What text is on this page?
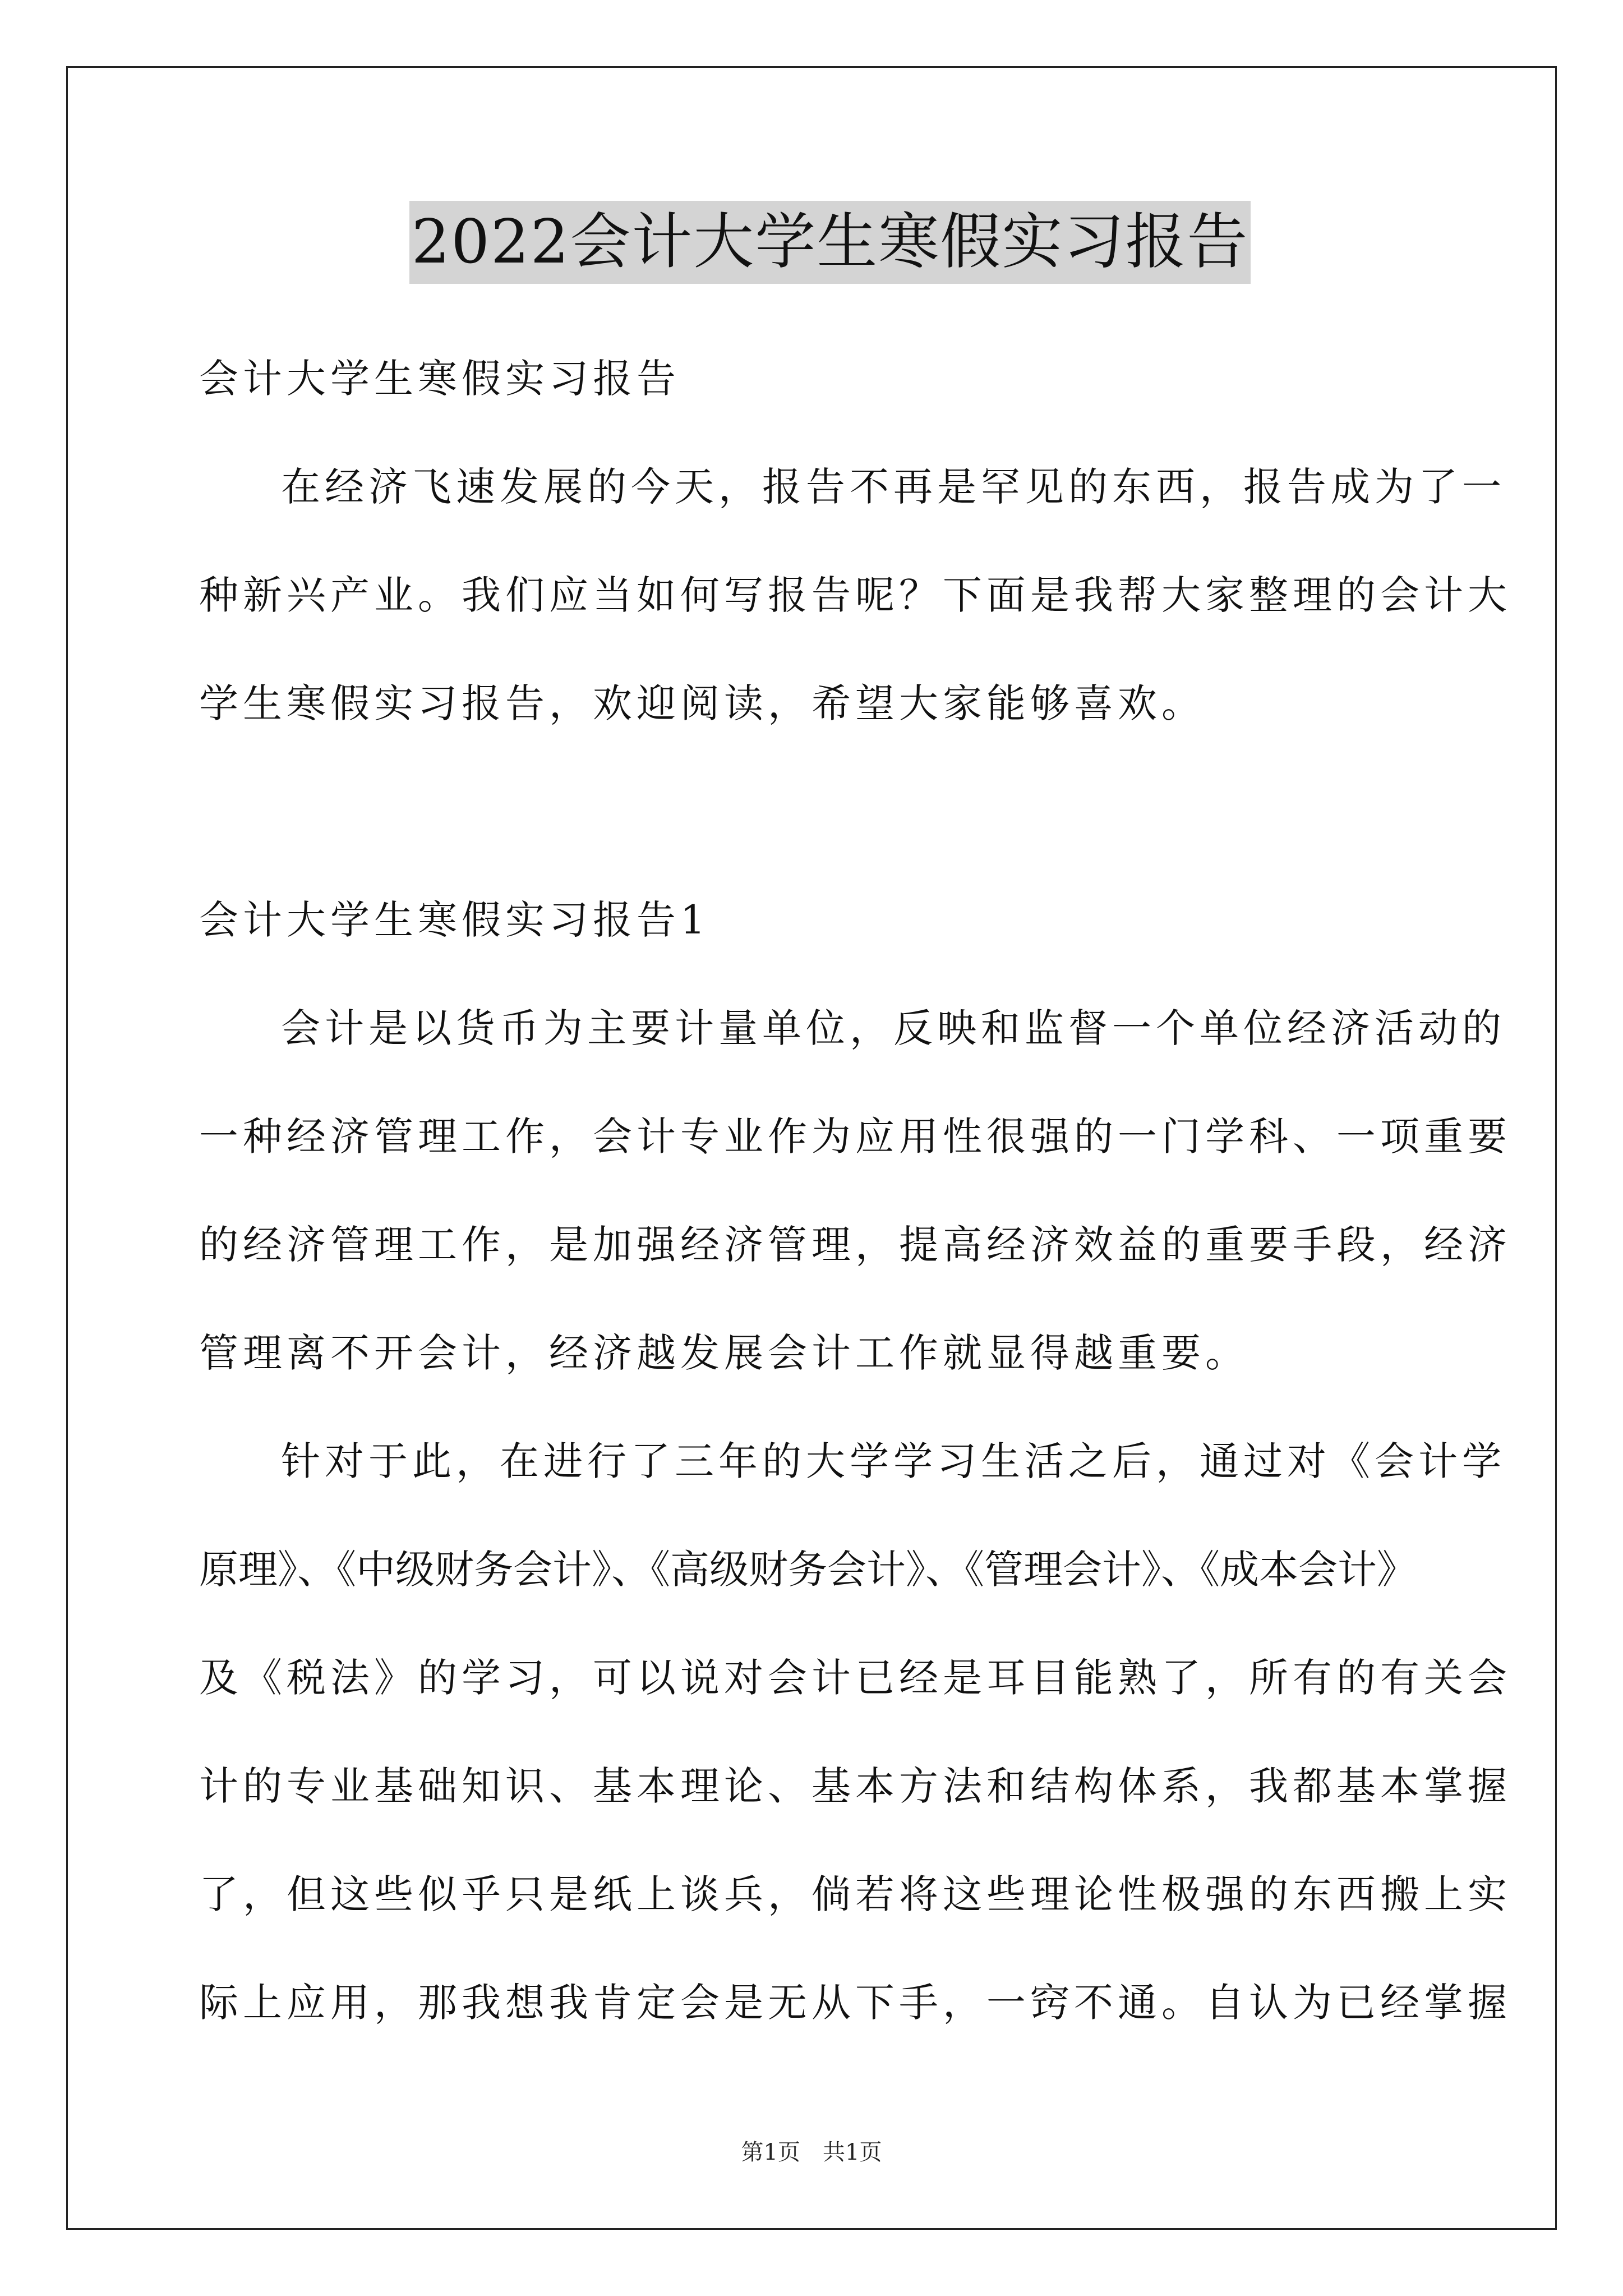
2022会计大学生寒假实习报告
会计大学生寒假实习报告
在经济飞速发展的今天，报告不再是罕见的东西，报告成为了一
种新兴产业。我们应当如何写报告呢？下面是我帮大家整理的会计大
学生寒假实习报告，欢迎阅读，希望大家能够喜欢。
会计大学生寒假实习报告1
会计是以货币为主要计量单位，反映和监督一个单位经济活动的
一种经济管理工作，会计专业作为应用性很强的一门学科、一项重要
的经济管理工作，是加强经济管理，提高经济效益的重要手段，经济
管理离不开会计，经济越发展会计工作就显得越重要。
针对于此，在进行了三年的大学学习生活之后，通过对《会计学
原理》、《中级财务会计》、《高级财务会计》、《管理会计》、《成本会计》
及《税法》的学习，可以说对会计已经是耳目能熟了，所有的有关会
计的专业基础知识、基本理论、基本方法和结构体系，我都基本掌握
了，但这些似乎只是纸上谈兵，倘若将这些理论性极强的东西搬上实
际上应用，那我想我肯定会是无从下手，一窍不通。自认为已经掌握
第1页 共1页
